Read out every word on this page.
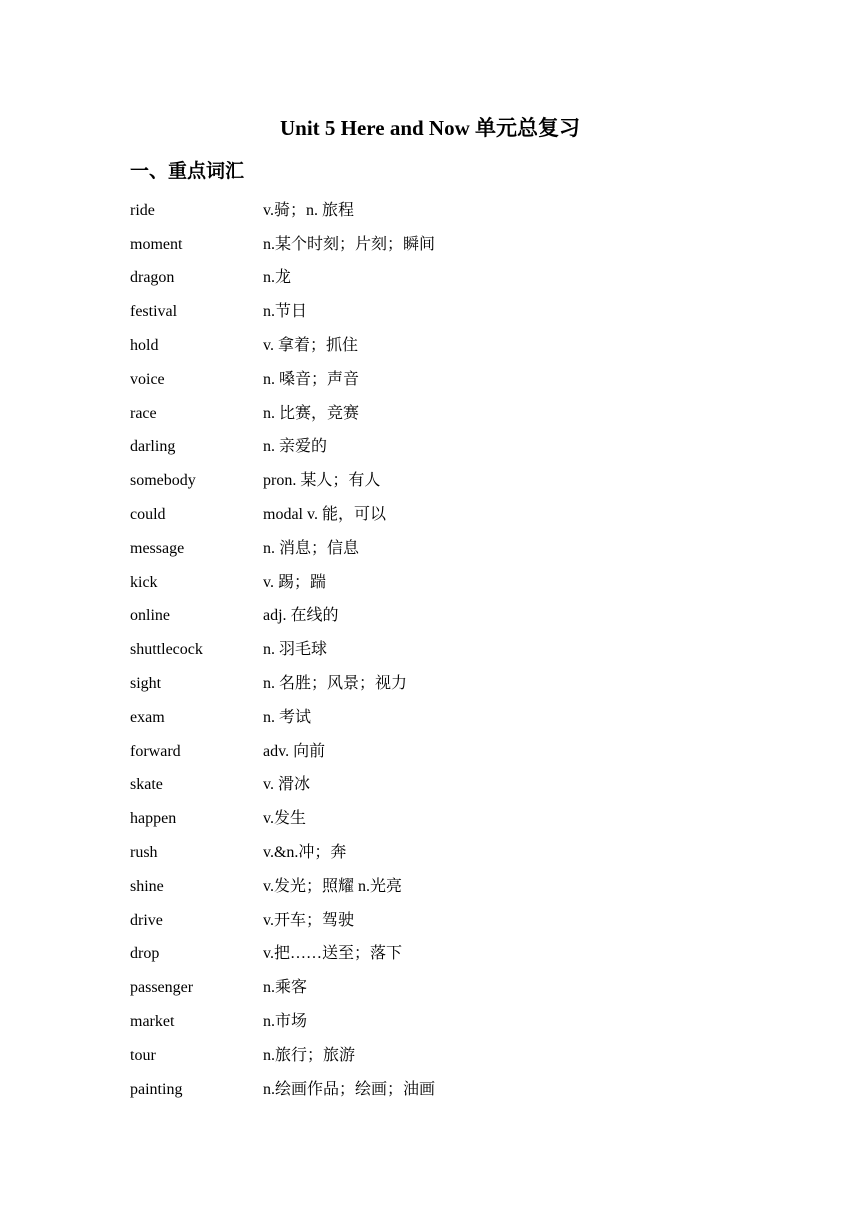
Unit 5 Here and Now 单元总复习
一、重点词汇
ride	v.骑；n. 旅程
moment	n.某个时刻；片刻；瞬间
dragon	n.龙
festival	n.节日
hold	v. 拿着；抓住
voice	n. 嗓音；声音
race	n. 比赛，竞赛
darling	n. 亲爱的
somebody	pron. 某人；有人
could	modal v. 能，可以
message	n. 消息；信息
kick	v. 踢；踹
online	adj. 在线的
shuttlecock	n. 羽毛球
sight	n. 名胜；风景；视力
exam	n. 考试
forward	adv. 向前
skate	v. 滑冰
happen	v.发生
rush	v.&n.冲；奔
shine	v.发光；照耀 n.光亮
drive	v.开车；驾驶
drop	v.把……送至；落下
passenger	n.乘客
market	n.市场
tour	n.旅行；旅游
painting	n.绘画作品；绘画；油画
